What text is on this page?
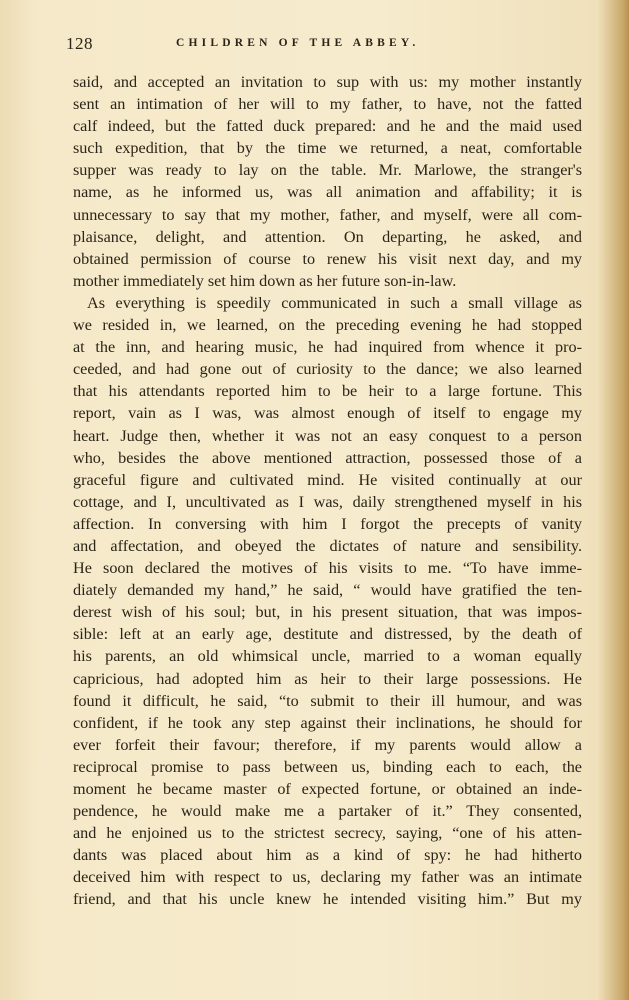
128	CHILDREN OF THE ABBEY.
said, and accepted an invitation to sup with us: my mother instantly
sent an intimation of her will to my father, to have, not the fatted
calf indeed, but the fatted duck prepared: and he and the maid used
such expedition, that by the time we returned, a neat, comfortable
supper was ready to lay on the table. Mr. Marlowe, the stranger's
name, as he informed us, was all animation and affability; it is
unnecessary to say that my mother, father, and myself, were all com-
plaisance, delight, and attention. On departing, he asked, and
obtained permission of course to renew his visit next day, and my
mother immediately set him down as her future son-in-law.
As everything is speedily communicated in such a small village as
we resided in, we learned, on the preceding evening he had stopped
at the inn, and hearing music, he had inquired from whence it pro-
ceeded, and had gone out of curiosity to the dance; we also learned
that his attendants reported him to be heir to a large fortune. This
report, vain as I was, was almost enough of itself to engage my
heart. Judge then, whether it was not an easy conquest to a person
who, besides the above mentioned attraction, possessed those of a
graceful figure and cultivated mind. He visited continually at our
cottage, and I, uncultivated as I was, daily strengthened myself in his
affection. In conversing with him I forgot the precepts of vanity
and affectation, and obeyed the dictates of nature and sensibility.
He soon declared the motives of his visits to me. “To have imme-
diately demanded my hand,” he said, “ would have gratified the ten-
derest wish of his soul; but, in his present situation, that was impos-
sible: left at an early age, destitute and distressed, by the death of
his parents, an old whimsical uncle, married to a woman equally
capricious, had adopted him as heir to their large possessions. He
found it difficult, he said, “to submit to their ill humour, and was
confident, if he took any step against their inclinations, he should for
ever forfeit their favour; therefore, if my parents would allow a
reciprocal promise to pass between us, binding each to each, the
moment he became master of expected fortune, or obtained an inde-
pendence, he would make me a partaker of it.” They consented,
and he enjoined us to the strictest secrecy, saying, “one of his atten-
dants was placed about him as a kind of spy: he had hitherto
deceived him with respect to us, declaring my father was an intimate
friend, and that his uncle knew he intended visiting him.” But my
